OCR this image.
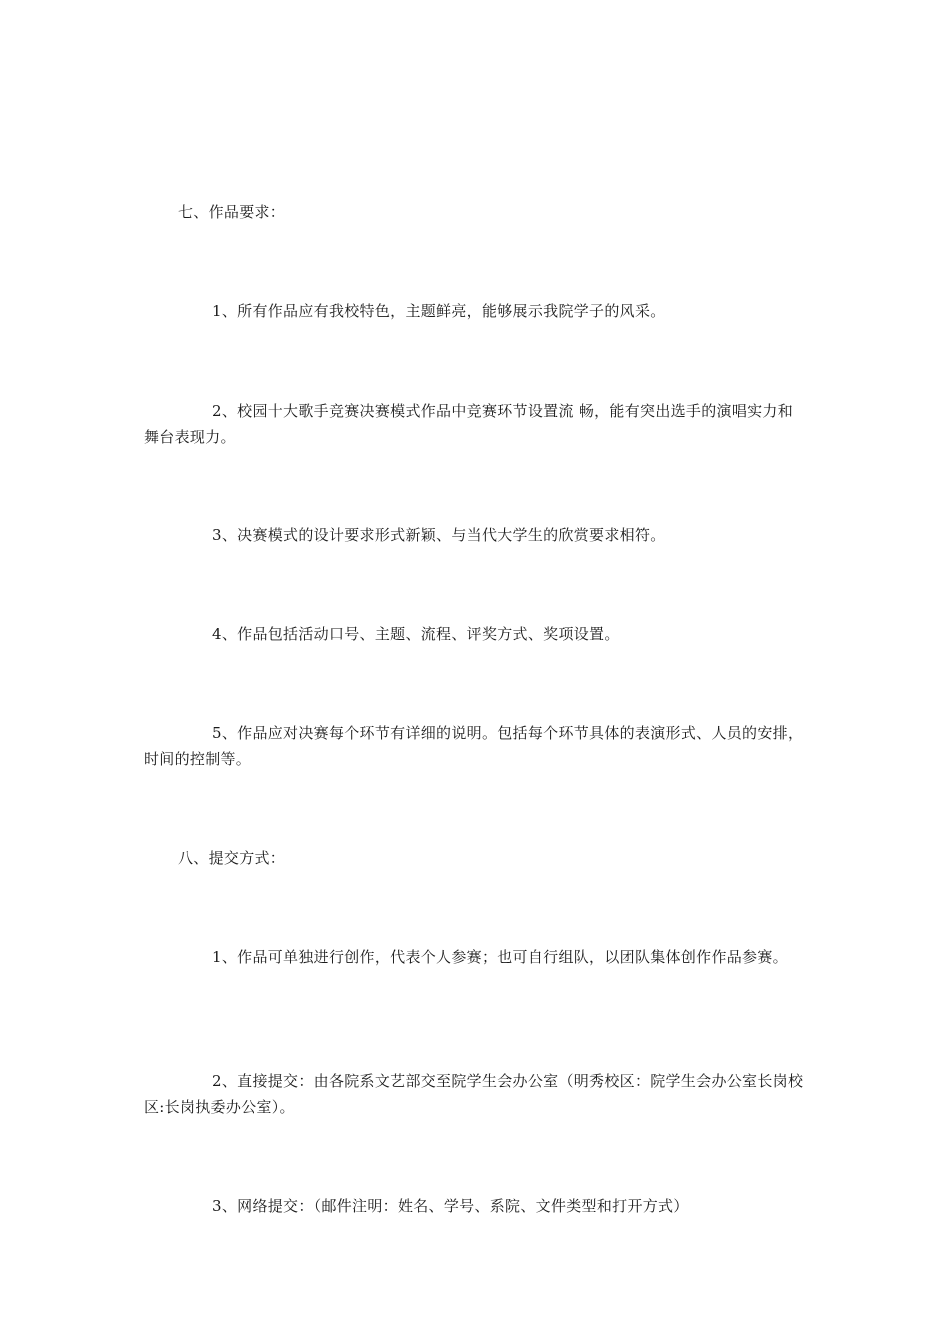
七、作品要求：

1、所有作品应有我校特色，主题鲜亮，能够展示我院学子的风采。

2、校园十大歌手竞赛决赛模式作品中竞赛环节设置流 畅，能有突出选手的演唱实力和舞台表现力。

3、决赛模式的设计要求形式新颖、与当代大学生的欣赏要求相符。

4、作品包括活动口号、主题、流程、评奖方式、奖项设置。

5、作品应对决赛每个环节有详细的说明。包括每个环节具体的表演形式、人员的安排，时间的控制等。

八、提交方式：

1、作品可单独进行创作，代表个人参赛；也可自行组队，以团队集体创作作品参赛。

2、直接提交：由各院系文艺部交至院学生会办公室（明秀校区：院学生会办公室长岗校区:长岗执委办公室）。

3、网络提交：（邮件注明：姓名、学号、系院、文件类型和打开方式）
